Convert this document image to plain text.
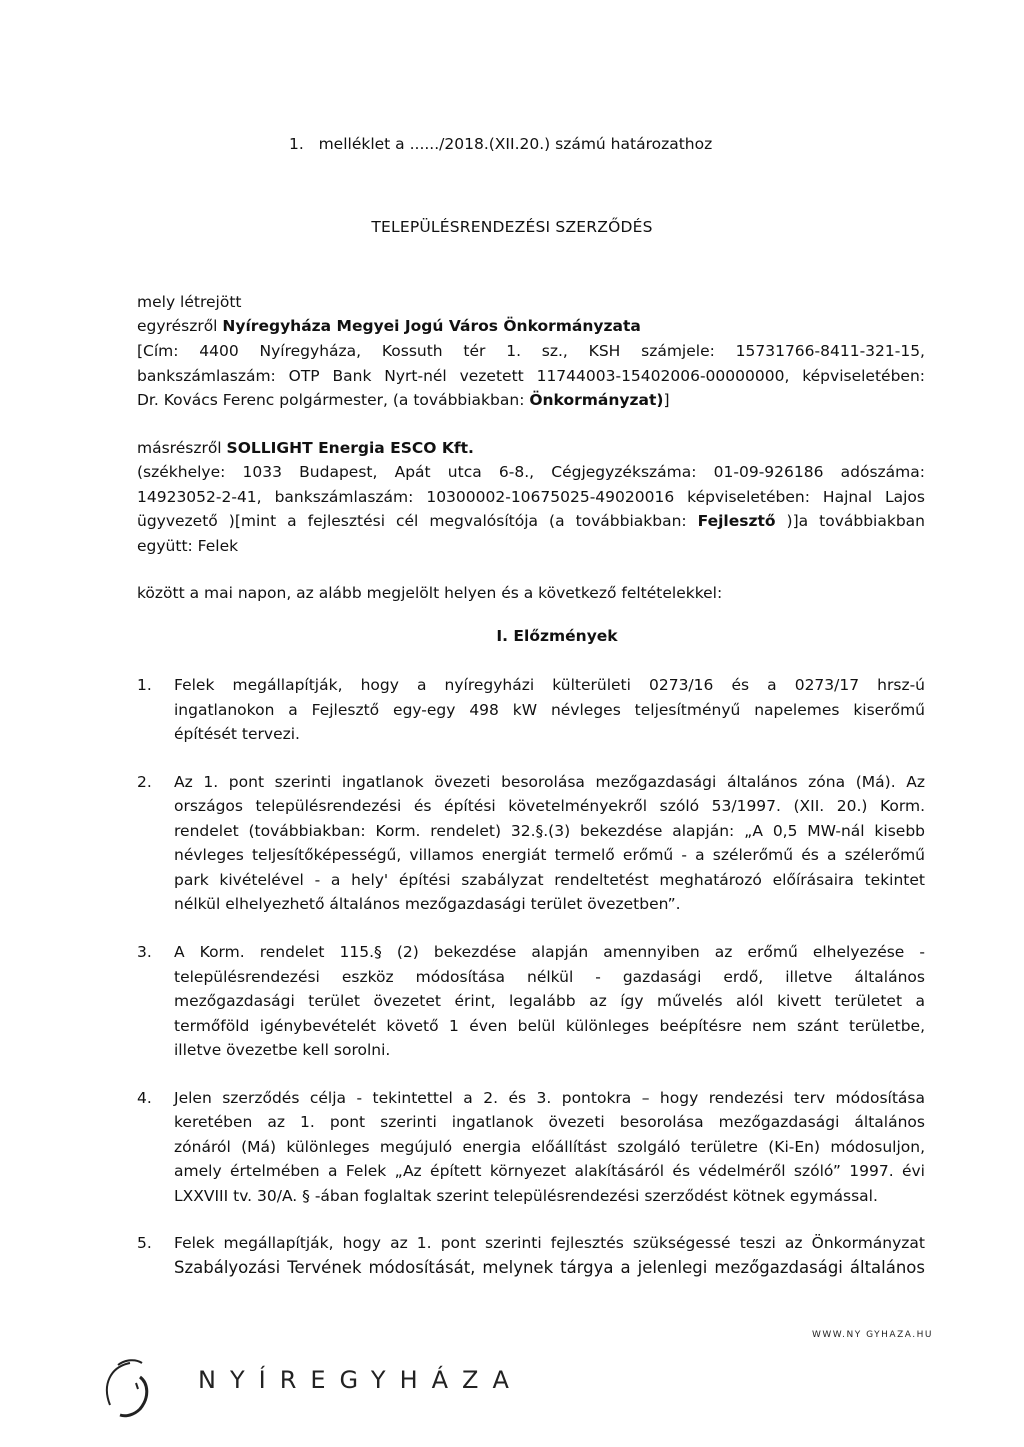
1.   melléklet a ....../2018.(XII.20.) számú határozathoz
TELEPÜLÉSRENDEZÉSI SZERZŐDÉS
mely létrejött
egyrészről Nyíregyháza Megyei Jogú Város Önkormányzata
[Cím: 4400 Nyíregyháza, Kossuth tér 1. sz., KSH számjele: 15731766-8411-321-15,
bankszámlaszám: OTP Bank Nyrt-nél vezetett 11744003-15402006-00000000, képviseletében:
Dr. Kovács Ferenc polgármester, (a továbbiakban: Önkormányzat)]
másrészről SOLLIGHT Energia ESCO Kft.
(székhelye: 1033 Budapest, Apát utca 6-8., Cégjegyzékszáma: 01-09-926186 adószáma:
14923052-2-41, bankszámlaszám: 10300002-10675025-49020016 képviseletében: Hajnal Lajos
ügyvezető )[mint a fejlesztési cél megvalósítója (a továbbiakban: Fejlesztő )]a továbbiakban
együtt: Felek
között a mai napon, az alább megjelölt helyen és a következő feltételekkel:
I. Előzmények
1. Felek megállapítják, hogy a nyíregyházi külterületi 0273/16 és a 0273/17 hrsz-ú
ingatlanokon a Fejlesztő egy-egy 498 kW névleges teljesítményű napelemes kiserőmű
építését tervezi.
2. Az 1. pont szerinti ingatlanok övezeti besorolása mezőgazdasági általános zóna (Má). Az
országos településrendezési és építési követelményekről szóló 53/1997. (XII. 20.) Korm.
rendelet (továbbiakban: Korm. rendelet) 32.§.(3) bekezdése alapján: „A 0,5 MW-nál kisebb
névleges teljesítőképességű, villamos energiát termelő erőmű - a szélerőmű és a szélerőmű
park kivételével - a hely' építési szabályzat rendeltetést meghatározó előírásaira tekintet
nélkül elhelyezhető általános mezőgazdasági terület övezetben”.
3. A Korm. rendelet 115.§ (2) bekezdése alapján amennyiben az erőmű elhelyezése -
településrendezési eszköz módosítása nélkül - gazdasági erdő, illetve általános
mezőgazdasági terület övezetet érint, legalább az így művelés alól kivett területet a
termőföld igénybevételét követő 1 éven belül különleges beépítésre nem szánt területbe,
illetve övezetbe kell sorolni.
4. Jelen szerződés célja - tekintettel a 2. és 3. pontokra – hogy rendezési terv módosítása
keretében az 1. pont szerinti ingatlanok övezeti besorolása mezőgazdasági általános
zónáról (Má) különleges megújuló energia előállítást szolgáló területre (Ki-En) módosuljon,
amely értelmében a Felek „Az épített környezet alakításáról és védelméről szóló” 1997. évi
LXXVIII tv. 30/A. § -ában foglaltak szerint településrendezési szerződést kötnek egymással.
5. Felek megállapítják, hogy az 1. pont szerinti fejlesztés szükségessé teszi az Önkormányzat
Szabályozási Tervének módosítását, melynek tárgya a jelenlegi mezőgazdasági általános
WWW.NY GYHAZA.HU
NYÍREGYHÁZA
